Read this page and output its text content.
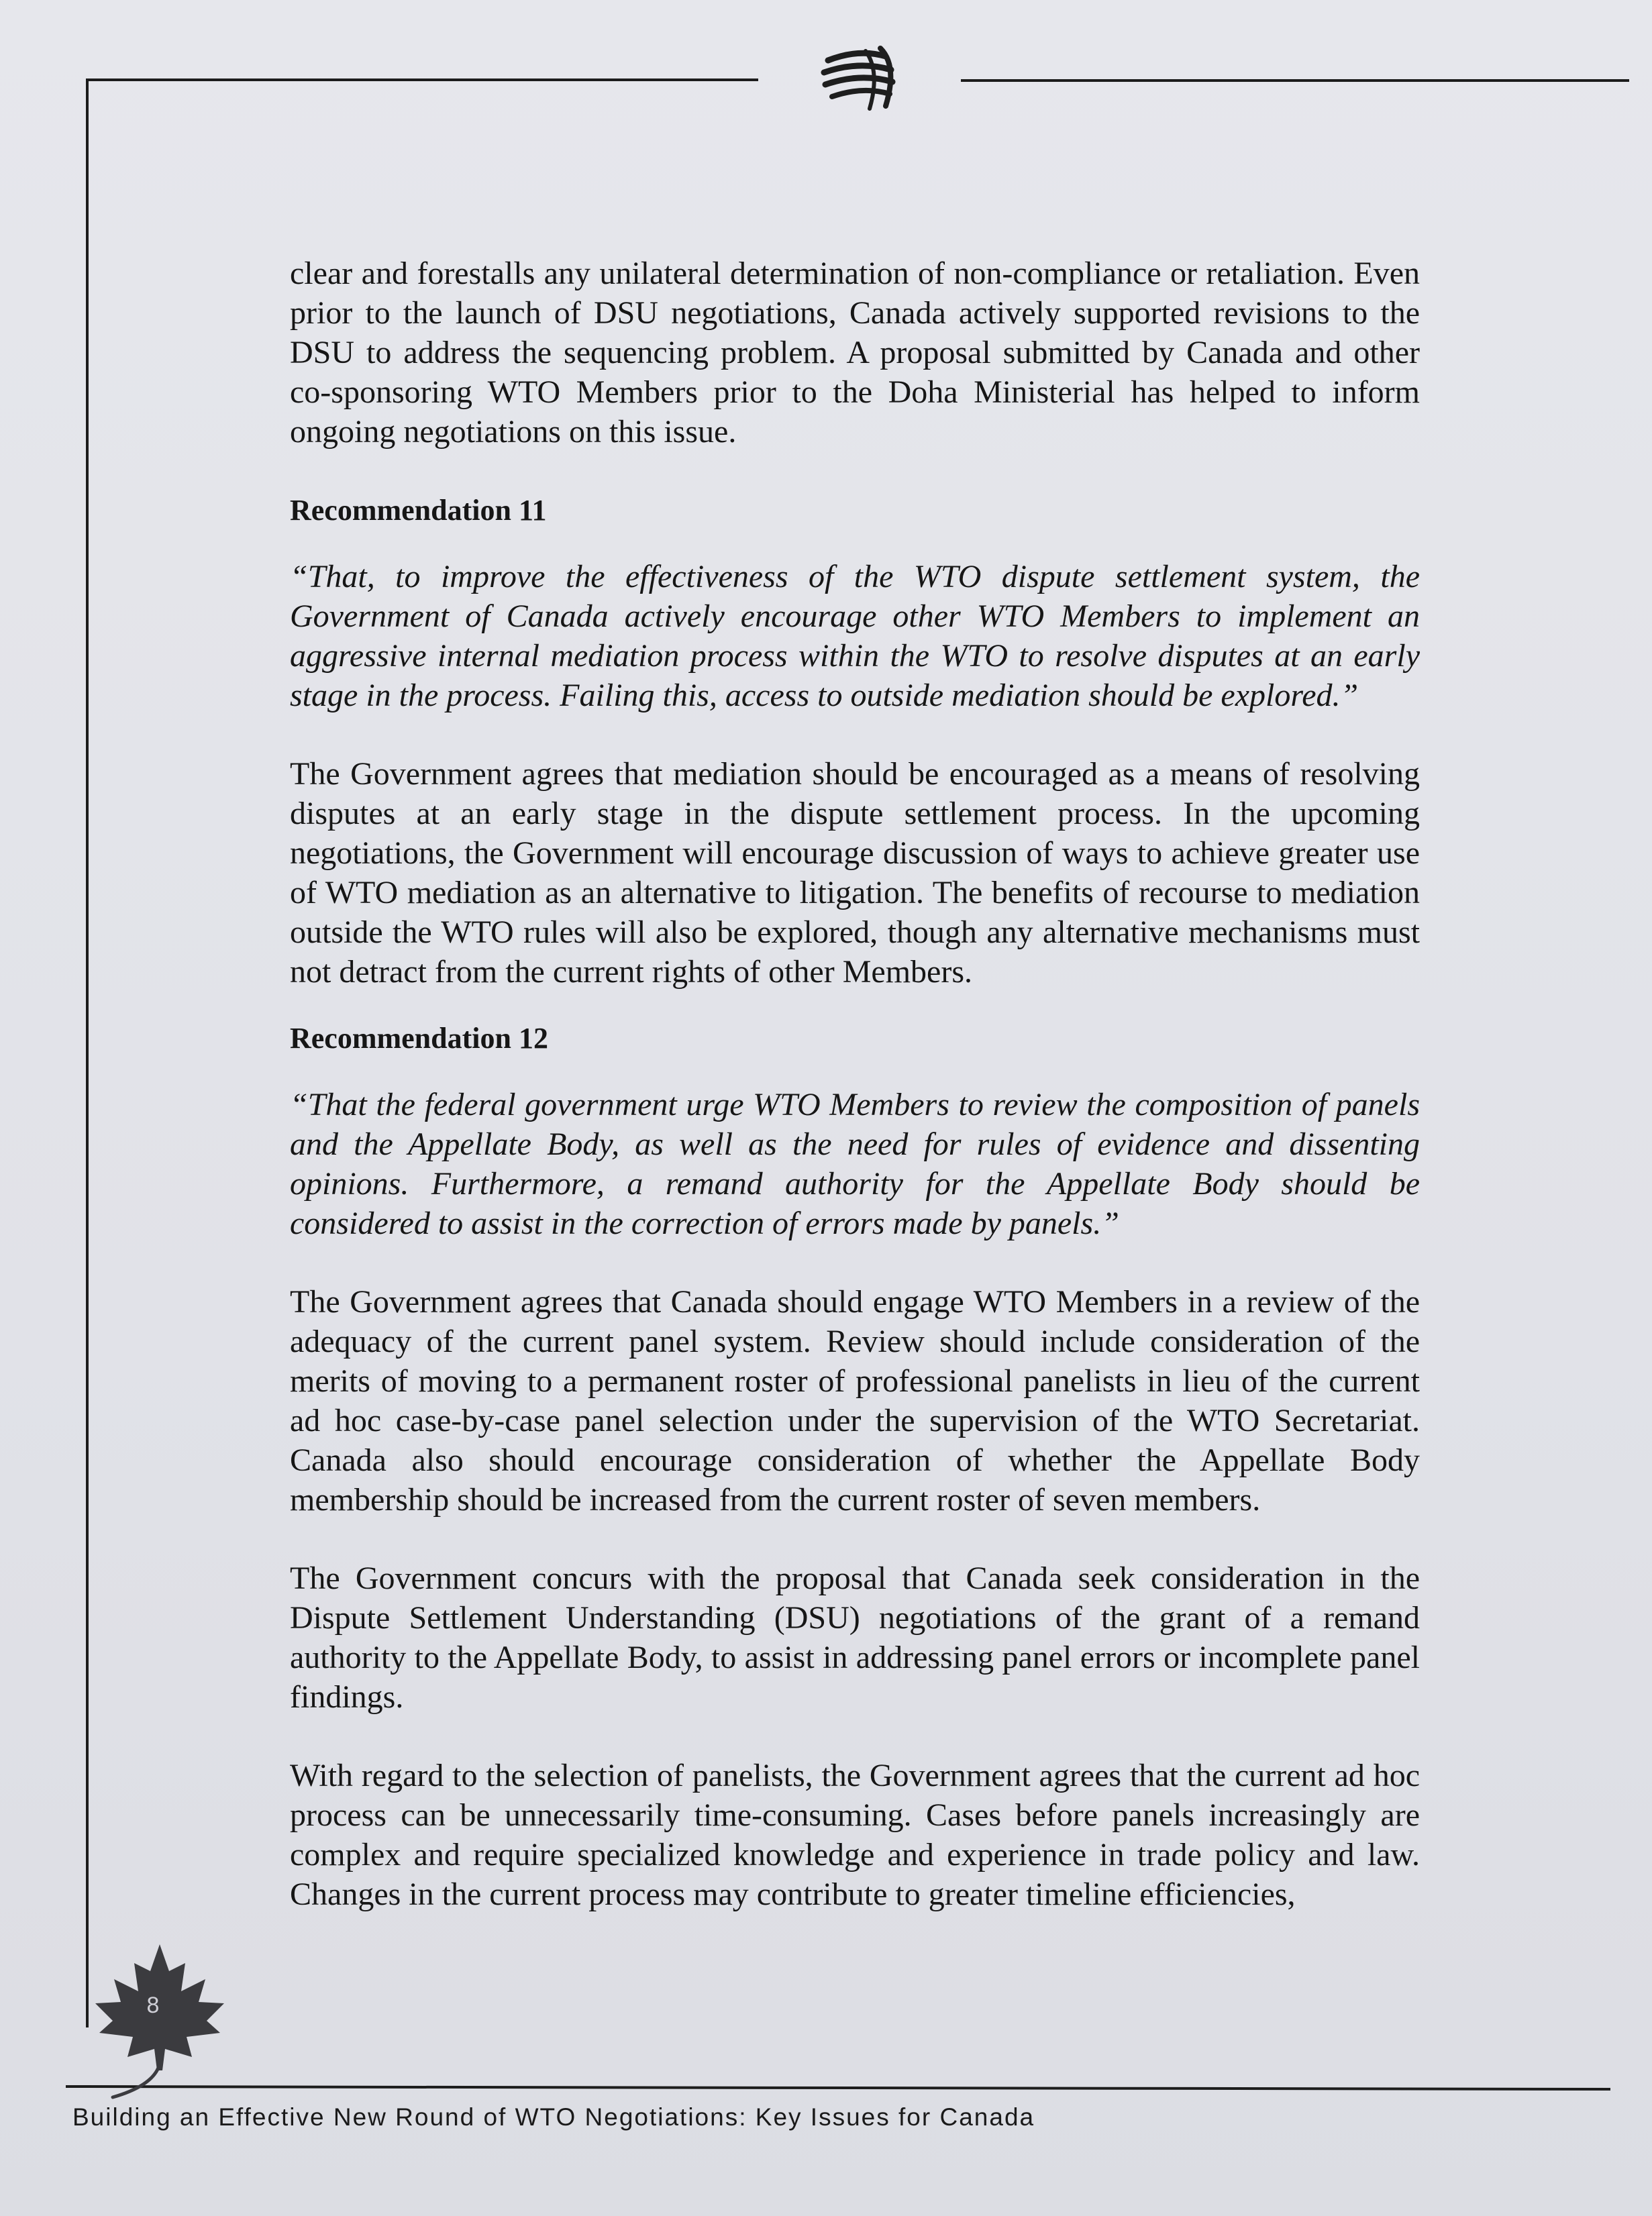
clear and forestalls any unilateral determination of non-compliance or retaliation. Even prior to the launch of DSU negotiations, Canada actively supported revisions to the DSU to address the sequencing problem. A proposal submitted by Canada and other co-sponsoring WTO Members prior to the Doha Ministerial has helped to inform ongoing negotiations on this issue.

Recommendation 11

“That, to improve the effectiveness of the WTO dispute settlement system, the Government of Canada actively encourage other WTO Members to implement an aggressive internal mediation process within the WTO to resolve disputes at an early stage in the process. Failing this, access to outside mediation should be explored.”

The Government agrees that mediation should be encouraged as a means of resolving disputes at an early stage in the dispute settlement process. In the upcoming negotiations, the Government will encourage discussion of ways to achieve greater use of WTO mediation as an alternative to litigation. The benefits of recourse to mediation outside the WTO rules will also be explored, though any alternative mechanisms must not detract from the current rights of other Members.

Recommendation 12

“That the federal government urge WTO Members to review the composition of panels and the Appellate Body, as well as the need for rules of evidence and dissenting opinions. Furthermore, a remand authority for the Appellate Body should be considered to assist in the correction of errors made by panels.”

The Government agrees that Canada should engage WTO Members in a review of the adequacy of the current panel system. Review should include consideration of the merits of moving to a permanent roster of professional panelists in lieu of the current ad hoc case-by-case panel selection under the supervision of the WTO Secretariat. Canada also should encourage consideration of whether the Appellate Body membership should be increased from the current roster of seven members.

The Government concurs with the proposal that Canada seek consideration in the Dispute Settlement Understanding (DSU) negotiations of the grant of a remand authority to the Appellate Body, to assist in addressing panel errors or incomplete panel findings.

With regard to the selection of panelists, the Government agrees that the current ad hoc process can be unnecessarily time-consuming. Cases before panels increasingly are complex and require specialized knowledge and experience in trade policy and law. Changes in the current process may contribute to greater timeline efficiencies,

8
Building an Effective New Round of WTO Negotiations: Key Issues for Canada
